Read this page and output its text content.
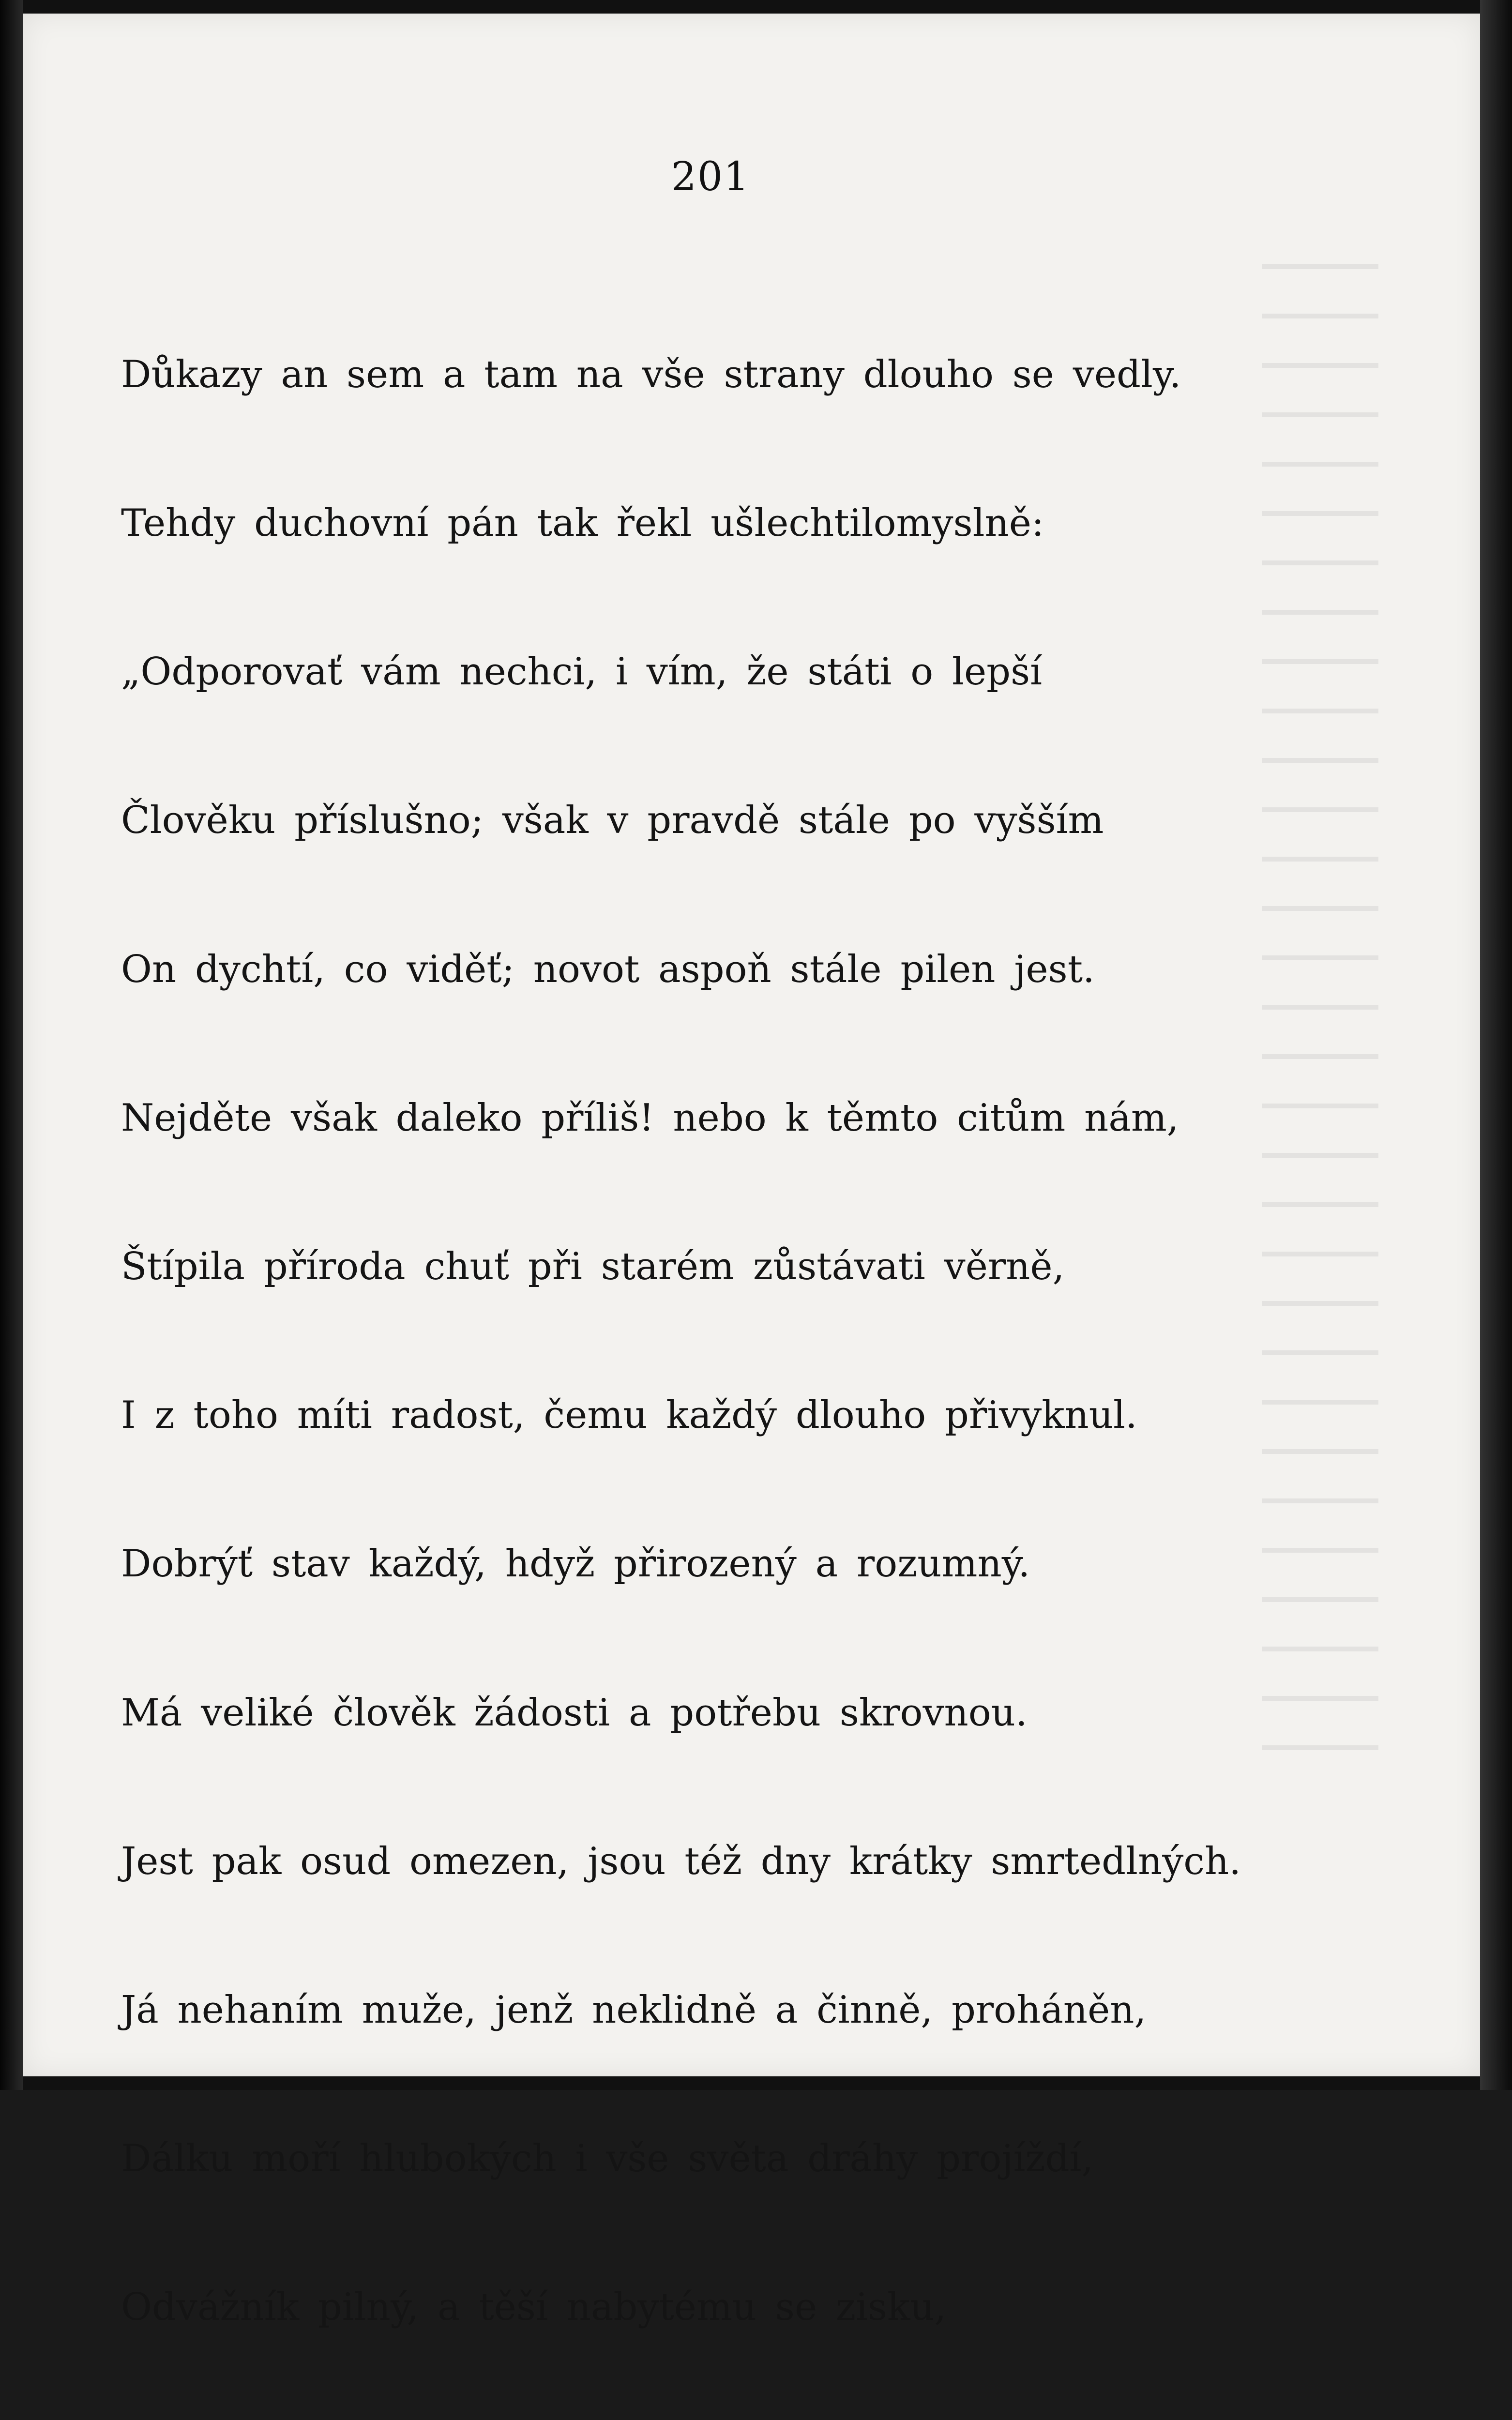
201

Důkazy an sem a tam na vše strany dlouho se vedly.

Tehdy duchovní pán tak řekl ušlechtilomyslně:

„Odporovať vám nechci, i vím, že státi o lepší

Člověku příslušno; však v pravdě stále po vyšším

On dychtí, co viděť; novot aspoň stále pilen jest.

Nejděte však daleko příliš! nebo k těmto citům nám,

Štípila příroda chuť při starém zůstávati věrně,

I z toho míti radost, čemu každý dlouho přivyknul.

Dobrýť stav každý, hdyž přirozený a rozumný.

Má veliké člověk žádosti a potřebu skrovnou.

Jest pak osud omezen, jsou též dny krátky smrtedlných.

Já nehaním muže, jenž neklidně a činně, proháněn,

Dálku moří hlubokých i vše světa dráhy projíždí,

Odvážník pilný, a těší nabytému se zisku,
